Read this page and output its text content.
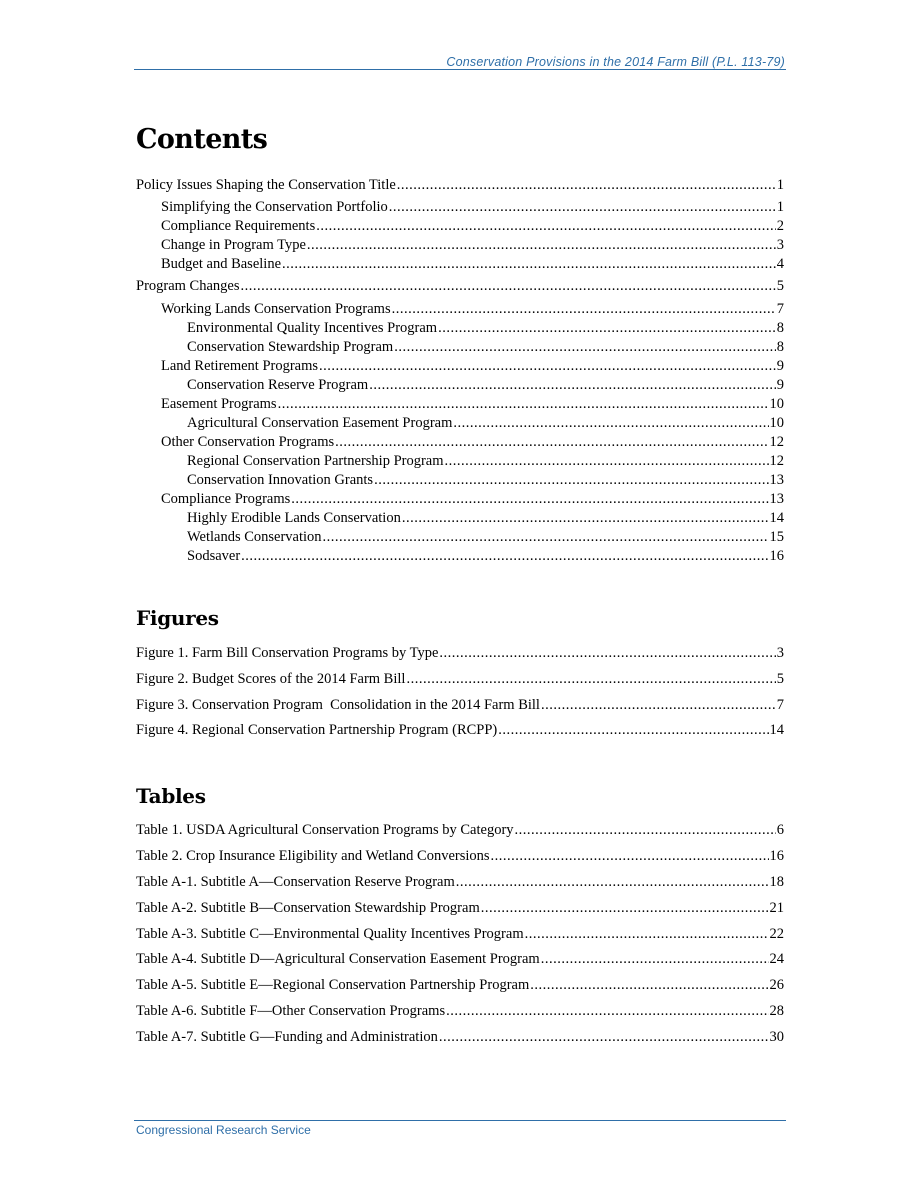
Conservation Provisions in the 2014 Farm Bill (P.L. 113-79)
Contents
Policy Issues Shaping the Conservation Title .....	1
Simplifying the Conservation Portfolio .....	1
Compliance Requirements .....	2
Change in Program Type .....	3
Budget and Baseline .....	4
Program Changes .....	5
Working Lands Conservation Programs .....	7
Environmental Quality Incentives Program .....	8
Conservation Stewardship Program .....	8
Land Retirement Programs .....	9
Conservation Reserve Program .....	9
Easement Programs .....	10
Agricultural Conservation Easement Program .....	10
Other Conservation Programs .....	12
Regional Conservation Partnership Program .....	12
Conservation Innovation Grants .....	13
Compliance Programs .....	13
Highly Erodible Lands Conservation .....	14
Wetlands Conservation .....	15
Sodsaver .....	16
Figures
Figure 1. Farm Bill Conservation Programs by Type .....	3
Figure 2. Budget Scores of the 2014 Farm Bill .....	5
Figure 3. Conservation Program  Consolidation in the 2014 Farm Bill .....	7
Figure 4. Regional Conservation Partnership Program (RCPP) .....	14
Tables
Table 1. USDA Agricultural Conservation Programs by Category .....	6
Table 2. Crop Insurance Eligibility and Wetland Conversions .....	16
Table A-1. Subtitle A—Conservation Reserve Program .....	18
Table A-2. Subtitle B—Conservation Stewardship Program .....	21
Table A-3. Subtitle C—Environmental Quality Incentives Program .....	22
Table A-4. Subtitle D—Agricultural Conservation Easement Program .....	24
Table A-5. Subtitle E—Regional Conservation Partnership Program .....	26
Table A-6. Subtitle F—Other Conservation Programs .....	28
Table A-7. Subtitle G—Funding and Administration .....	30
Congressional Research Service
